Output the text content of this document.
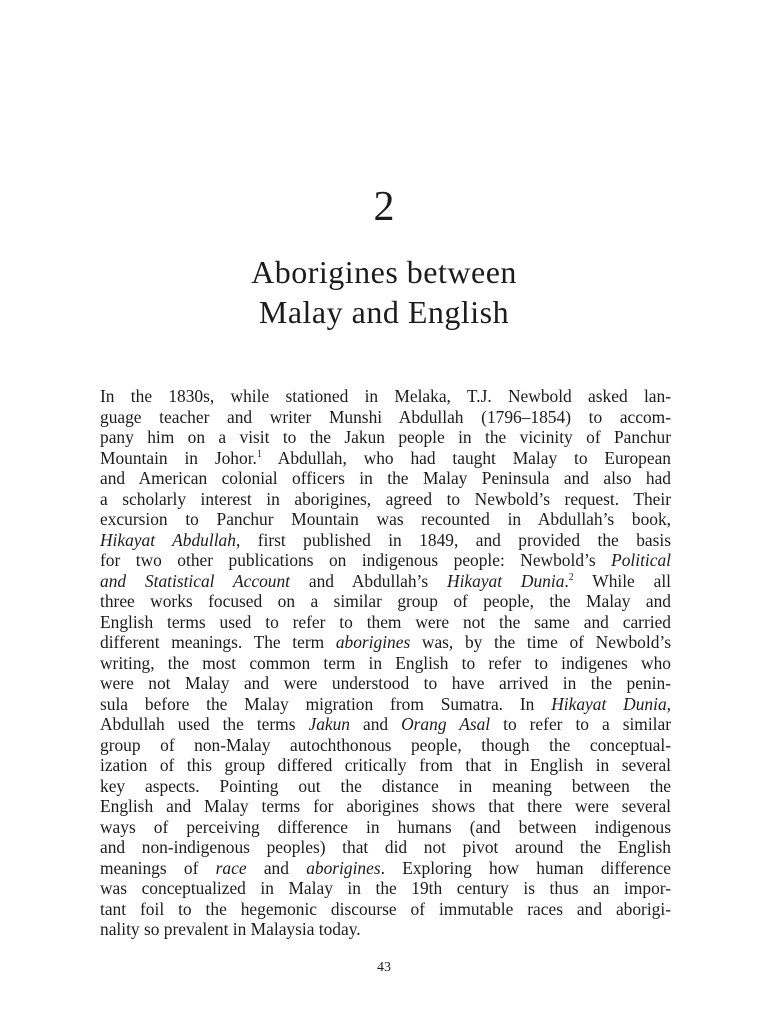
2
Aborigines between
Malay and English
In the 1830s, while stationed in Melaka, T.J. Newbold asked lan-
guage teacher and writer Munshi Abdullah (1796–1854) to accom-
pany him on a visit to the Jakun people in the vicinity of Panchur
Mountain in Johor.$^1$ Abdullah, who had taught Malay to European
and American colonial officers in the Malay Peninsula and also had
a scholarly interest in aborigines, agreed to Newbold’s request. Their
excursion to Panchur Mountain was recounted in Abdullah’s book,
Hikayat Abdullah, first published in 1849, and provided the basis
for two other publications on indigenous people: Newbold’s Political
and Statistical Account and Abdullah’s Hikayat Dunia.$^2$ While all
three works focused on a similar group of people, the Malay and
English terms used to refer to them were not the same and carried
different meanings. The term aborigines was, by the time of Newbold’s
writing, the most common term in English to refer to indigenes who
were not Malay and were understood to have arrived in the penin-
sula before the Malay migration from Sumatra. In Hikayat Dunia,
Abdullah used the terms Jakun and Orang Asal to refer to a similar
group of non-Malay autochthonous people, though the conceptual-
ization of this group differed critically from that in English in several
key aspects. Pointing out the distance in meaning between the
English and Malay terms for aborigines shows that there were several
ways of perceiving difference in humans (and between indigenous
and non-indigenous peoples) that did not pivot around the English
meanings of race and aborigines. Exploring how human difference
was conceptualized in Malay in the 19th century is thus an impor-
tant foil to the hegemonic discourse of immutable races and aborigi-
nality so prevalent in Malaysia today.
43
